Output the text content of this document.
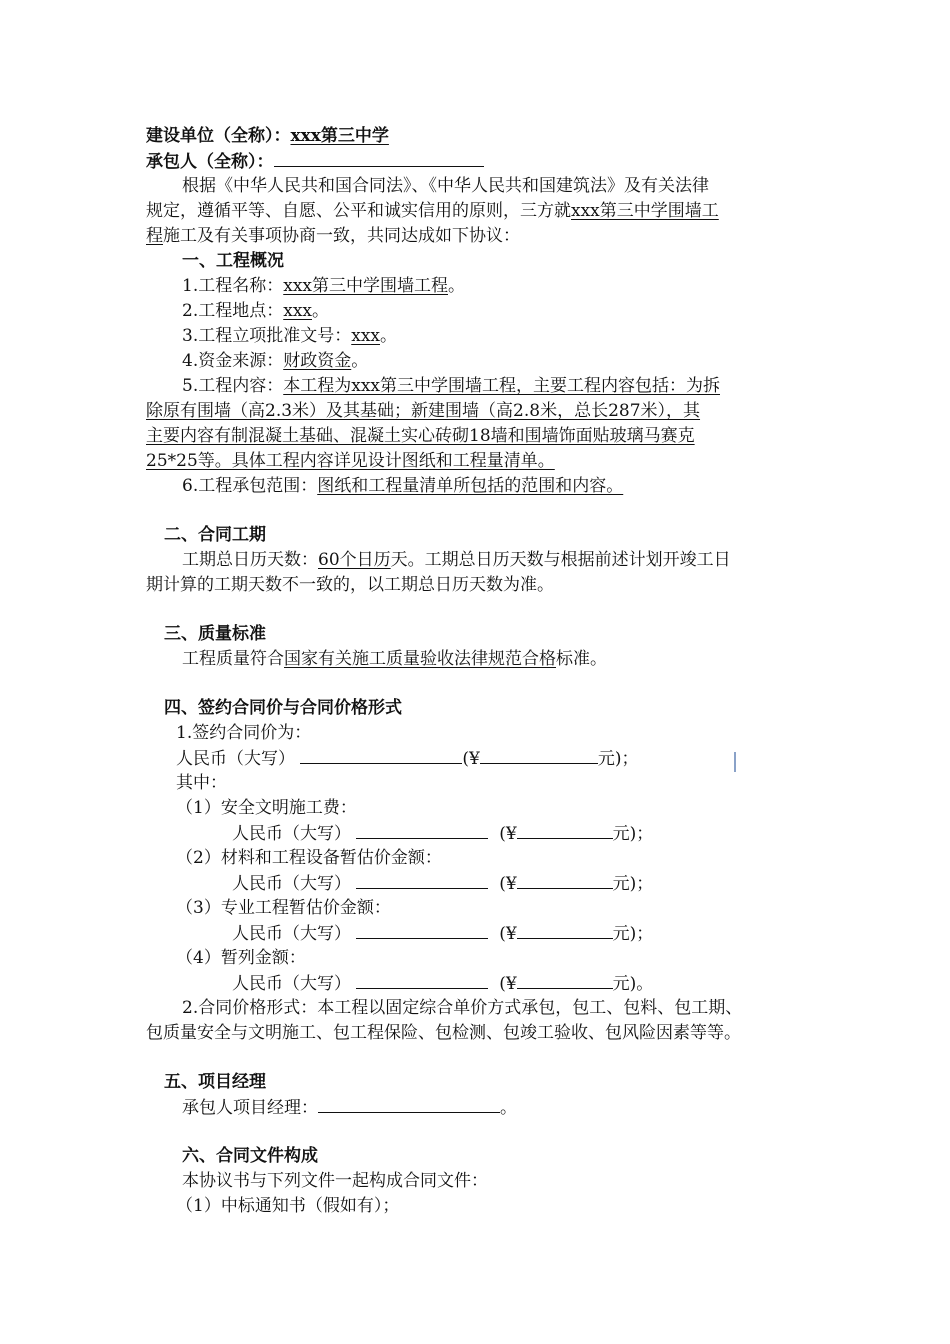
建设单位（全称）：xxx第三中学
承包人（全称）：
根据《中华人民共和国合同法》、《中华人民共和国建筑法》及有关法律
规定，遵循平等、自愿、公平和诚实信用的原则，三方就xxx第三中学围墙工
程施工及有关事项协商一致，共同达成如下协议：
一、工程概况
1.工程名称：xxx第三中学围墙工程。
2.工程地点：xxx。
3.工程立项批准文号：xxx。
4.资金来源：财政资金。
5.工程内容：本工程为xxx第三中学围墙工程，主要工程内容包括：为拆
除原有围墙（高2.3米）及其基础；新建围墙（高2.8米，总长287米），其
主要内容有制混凝土基础、混凝土实心砖砌18墙和围墙饰面贴玻璃马赛克
25*25等。具体工程内容详见设计图纸和工程量清单。
6.工程承包范围：图纸和工程量清单所包括的范围和内容。
二、合同工期
工期总日历天数：60个日历天。工期总日历天数与根据前述计划开竣工日
期计算的工期天数不一致的，以工期总日历天数为准。
三、质量标准
工程质量符合国家有关施工质量验收法律规范合格标准。
四、签约合同价与合同价格形式
1.签约合同价为：
人民币（大写）	(¥	元)；
其中：
（1）安全文明施工费：
人民币（大写）	(¥	元)；
（2）材料和工程设备暂估价金额：
人民币（大写）	(¥	元)；
（3）专业工程暂估价金额：
人民币（大写）	(¥	元)；
（4）暂列金额：
人民币（大写）	(¥	元)。
2.合同价格形式：本工程以固定综合单价方式承包，包工、包料、包工期、
包质量安全与文明施工、包工程保险、包检测、包竣工验收、包风险因素等等。
五、项目经理
承包人项目经理：	。
六、合同文件构成
本协议书与下列文件一起构成合同文件：
（1）中标通知书（假如有）；
